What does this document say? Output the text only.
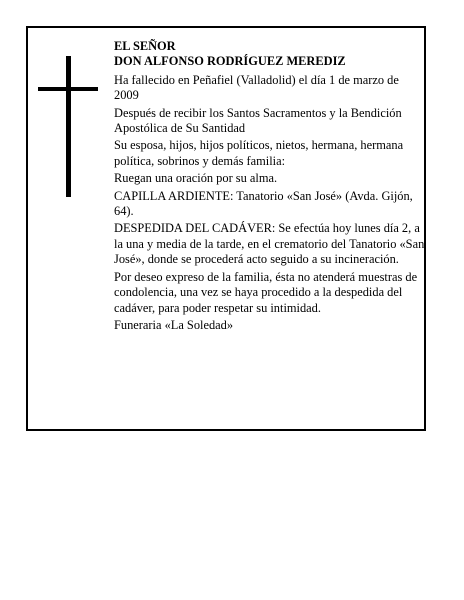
EL SEÑOR

DON ALFONSO RODRÍGUEZ MEREDIZ

Ha fallecido en Peñafiel (Valladolid) el día 1 de marzo de 2009

Después de recibir los Santos Sacramentos y la Bendición Apostólica de Su Santidad

Su esposa, hijos, hijos políticos, nietos, hermana, hermana política, sobrinos y demás familia:

Ruegan una oración por su alma.

CAPILLA ARDIENTE: Tanatorio «San José» (Avda. Gijón, 64).

DESPEDIDA DEL CADÁVER: Se efectúa hoy lunes día 2, a la una y media de la tarde, en el crematorio del Tanatorio «San José», donde se procederá acto seguido a su incineración.

Por deseo expreso de la familia, ésta no atenderá muestras de condolencia, una vez se haya procedido a la despedida del cadáver, para poder respetar su intimidad.

Funeraria «La Soledad»
